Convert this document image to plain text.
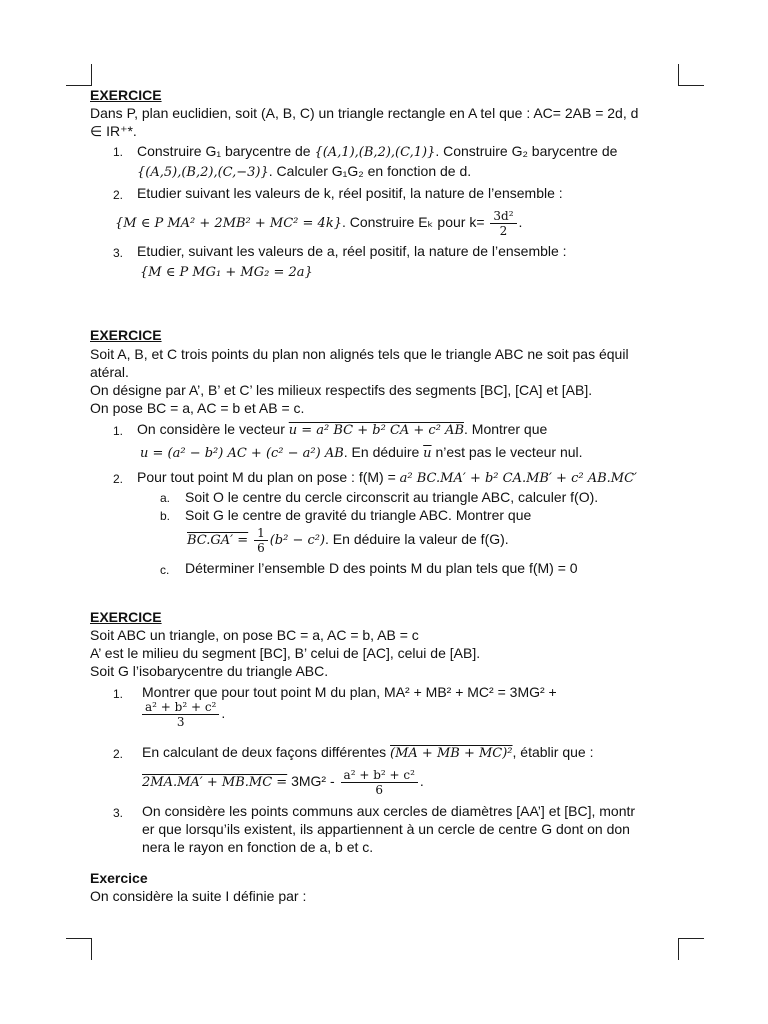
EXERCICE
Dans P, plan euclidien, soit (A, B, C) un triangle rectangle en A tel que : AC= 2AB = 2d, d
∈ IR⁺*.
1. Construire G₁ barycentre de {(A,1),(B,2),(C,1)}. Construire G₂ barycentre de
{(A,5),(B,2),(C,−3)}. Calculer G₁G₂ en fonction de d.
2. Etudier suivant les valeurs de k, réel positif, la nature de l’ensemble :
{M ∈ P MA² + 2MB² + MC² = 4k}. Construire Eₖ pour $k= \frac{\text{3d²}}{2}$ .
3. Etudier, suivant les valeurs de a, réel positif, la nature de l’ensemble :
{M ∈ P MG₁ + MG₂ = 2a}
EXERCICE
Soit A, B, et C trois points du plan non alignés tels que le triangle ABC ne soit pas équil
atéral.
On désigne par A’, B’ et C’ les milieux respectifs des segments [BC], [CA] et [AB].
On pose BC = a, AC = b et AB = c.
1. On considère le vecteur u = a² BC + b² CA + c² AB. Montrer que
u = (a² − b²) AC + (c² − a²) AB. En déduire $\overline{u}$ n’est pas le vecteur nul.
2. Pour tout point M du plan on pose : f(M) = a² BC.MA′ + b² CA.MB′ + c² AB.MC′
a. Soit O le centre du cercle circonscrit au triangle ABC, calculer f(O).
b. Soit G le centre de gravité du triangle ABC. Montrer que
$BC.GA' = \frac{1}{6} (b^2 - c^2)$. En déduire la valeur de f(G).
c. Déterminer l’ensemble D des points M du plan tels que f(M) = 0
EXERCICE
Soit ABC un triangle, on pose BC = a, AC = b, AB = c
A’ est le milieu du segment [BC], B’ celui de [AC], celui de [AB].
Soit G l’isobarycentre du triangle ABC.
1. Montrer que pour tout point M du plan, MA² + MB² + MC² = 3MG² +
$\frac{\text{a² + b² + c²}}{3}$ .
2. En calculant de deux façons différentes (MA + MB + MC)², établir que :
$2MA.MA' + MB.MC = 3MG^2 - \frac{\text{a² + b² + c²}}{6}$ .
3. On considère les points communs aux cercles de diamètres [AA’] et [BC], montr
er que lorsqu’ils existent, ils appartiennent à un cercle de centre G dont on don
nera le rayon en fonction de a, b et c.
Exercice
On considère la suite I définie par :
